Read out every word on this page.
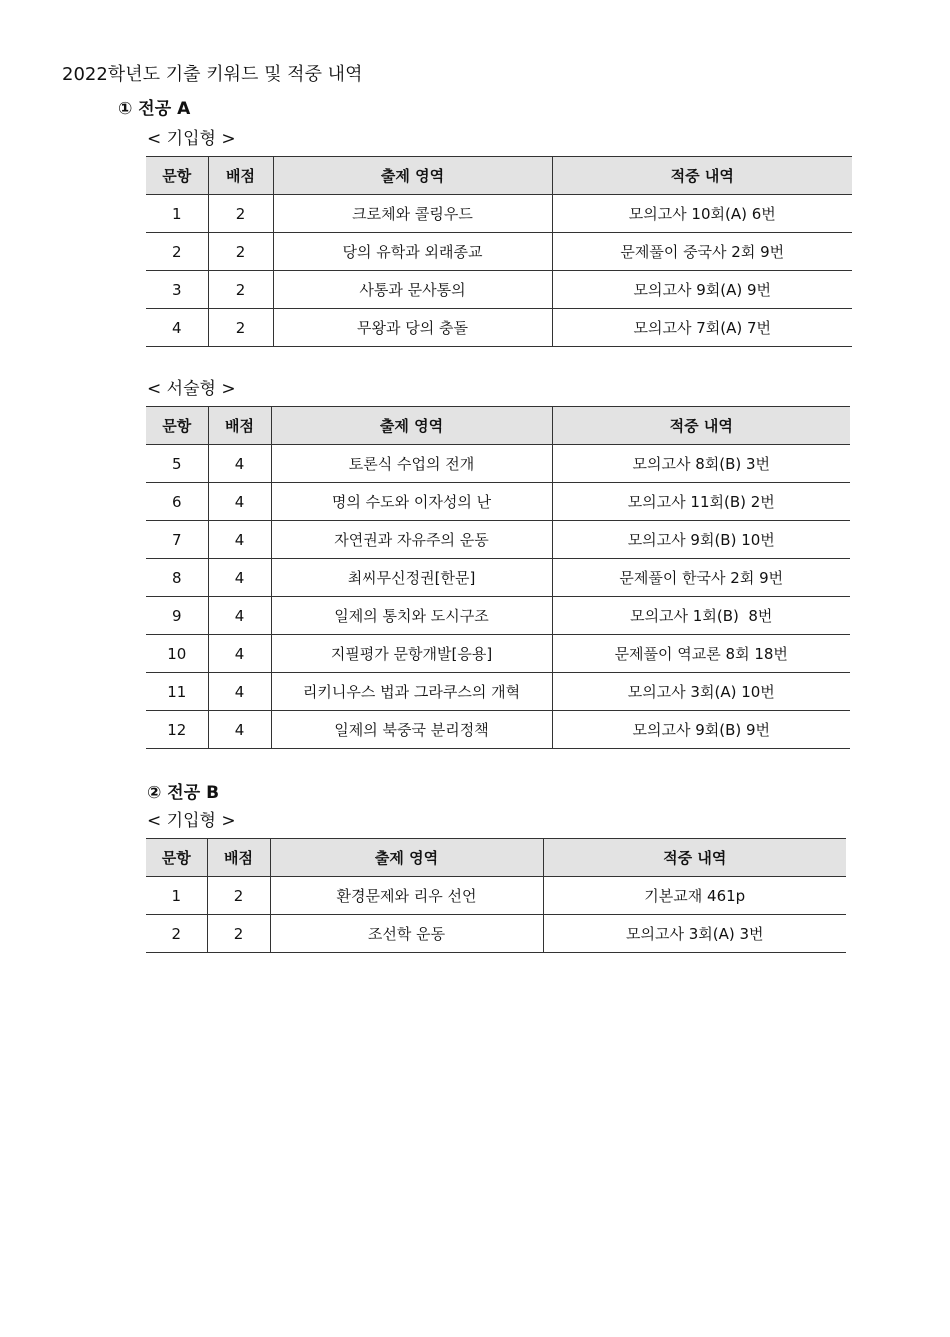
2022학년도 기출 키워드 및 적중 내역
① 전공 A
< 기입형 >
문항	배점	출제 영역	적중 내역
1	2	크로체와 콜링우드	모의고사 10회(A) 6번
2	2	당의 유학과 외래종교	문제풀이 중국사 2회 9번
3	2	사통과 문사통의	모의고사 9회(A) 9번
4	2	무왕과 당의 충돌	모의고사 7회(A) 7번
< 서술형 >
문항	배점	출제 영역	적중 내역
5	4	토론식 수업의 전개	모의고사 8회(B) 3번
6	4	명의 수도와 이자성의 난	모의고사 11회(B) 2번
7	4	자연권과 자유주의 운동	모의고사 9회(B) 10번
8	4	최씨무신정권[한문]	문제풀이 한국사 2회 9번
9	4	일제의 통치와 도시구조	모의고사 1회(B)  8번
10	4	지필평가 문항개발[응용]	문제풀이 역교론 8회 18번
11	4	리키니우스 법과 그라쿠스의 개혁	모의고사 3회(A) 10번
12	4	일제의 북중국 분리정책	모의고사 9회(B) 9번
② 전공 B
< 기입형 >
문항	배점	출제 영역	적중 내역
1	2	환경문제와 리우 선언	기본교재 461p
2	2	조선학 운동	모의고사 3회(A) 3번
